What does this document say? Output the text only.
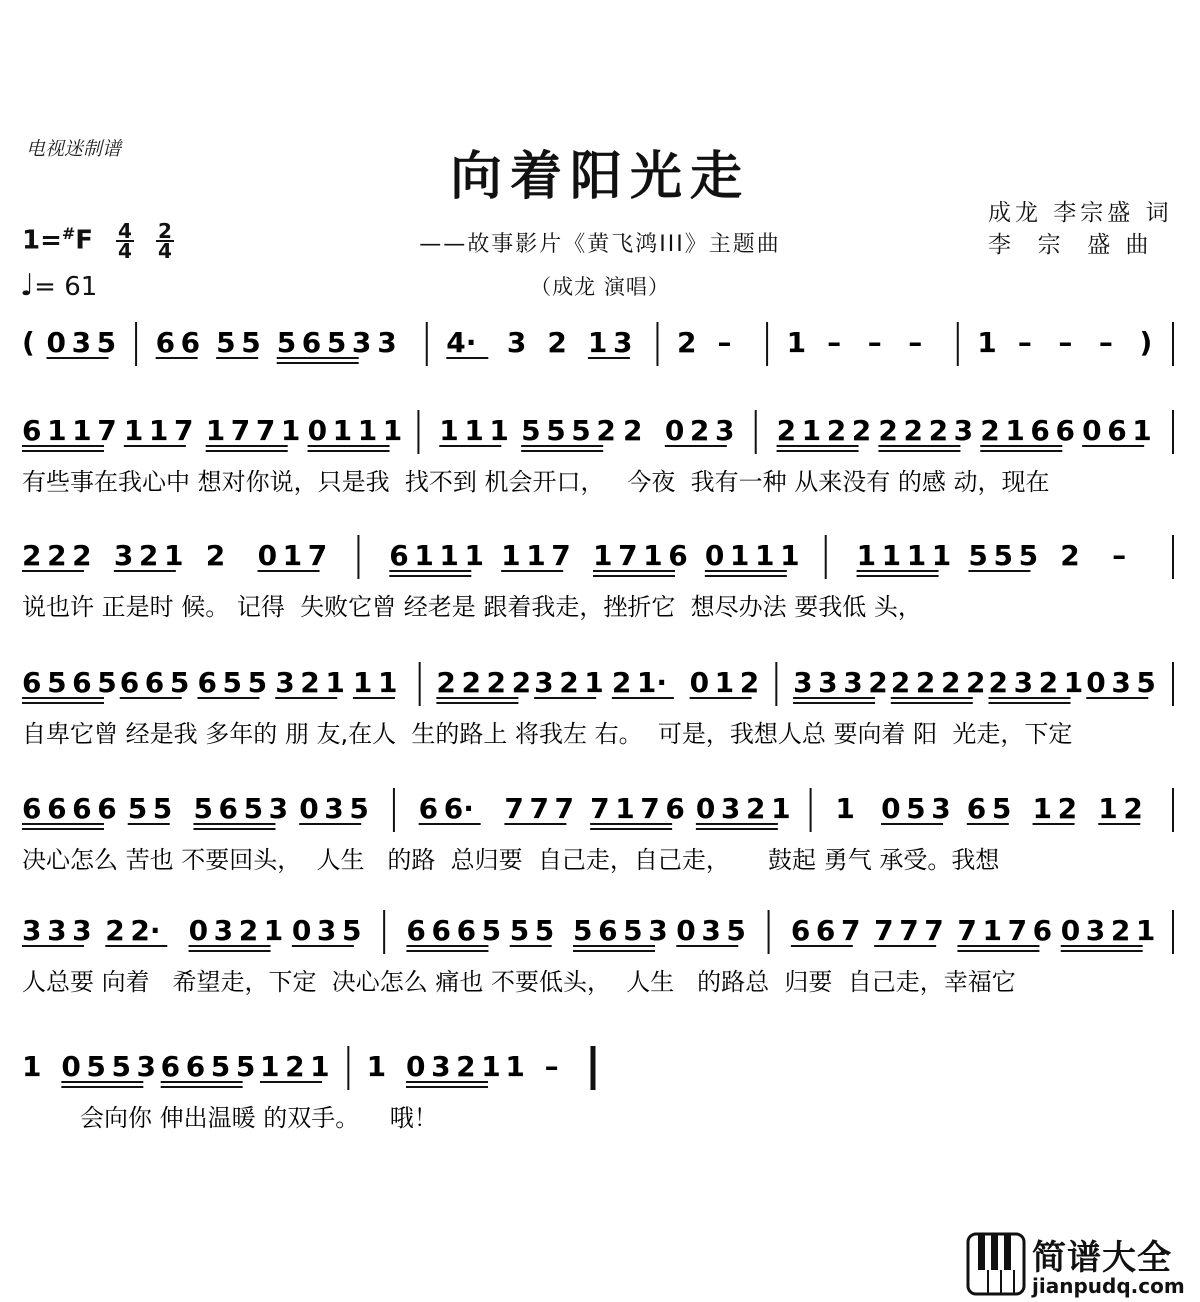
电视迷制谱	向着阳光走
——故事影片《黄飞鸿III》主题曲
（成龙 演唱）
成龙 李宗盛 词
李  宗  盛 曲
1=#F 4
4
2
4
♩= 61
( 0 3 5 6 6 5 5 5 6 5 3 3 4· 3 2 1 3 2 – 1 – – – 1 – – – )
6 1 1 7 1 1 7 1 7 7 1 0 1 1 1 1 1 1 5 5 5 2 2 0 2 3 2 1 2 2 2 2 2 3 2 1 6 6 0 6 1
有些事在我心中 想对你说，只是我  找不到 机会开口，   今夜  我有一种 从来没有 的感 动，现在
2 2 2 3 2 1 2 0 1 7 6 1 1 1 1 1 7 1 7 1 6 0 1 1 1 1 1 1 1 5 5 5 2 –
说也许 正是时 候。 记得  失败它曾 经老是 跟着我走，挫折它  想尽办法 要我低 头，
6 5 6 5 6 6 5 6 5 5 3 2 1 1 1 2 2 2 2 3 2 1 2 1· 0 1 2 3 3 3 2 2 2 2 2 2 3 2 1 0 3 5
自卑它曾 经是我 多年的 朋 友,在人  生的路上 将我左 右。  可是，我想人总 要向着 阳  光走，下定
6 6 6 6 5 5 5 6 5 3 0 3 5 6 6· 7 7 7 7 1 7 6 0 3 2 1 1 0 5 3 6 5 1 2 1 2
决心怎么 苦也 不要回头，  人生   的路  总归要  自己走，自己走，     鼓起 勇气 承受。我想
3 3 3 2 2· 0 3 2 1 0 3 5 6 6 6 5 5 5 5 6 5 3 0 3 5 6 6 7 7 7 7 7 1 7 6 0 3 2 1
人总要 向着   希望走，下定  决心怎么 痛也 不要低头，  人生   的路总  归要  自己走，幸福它
1 0 5 5 3 6 6 5 5 1 2 1 1 0 3 2 1 1 –
会向你 伸出温暖 的双手。    哦！
简谱大全
jianpudq.com
